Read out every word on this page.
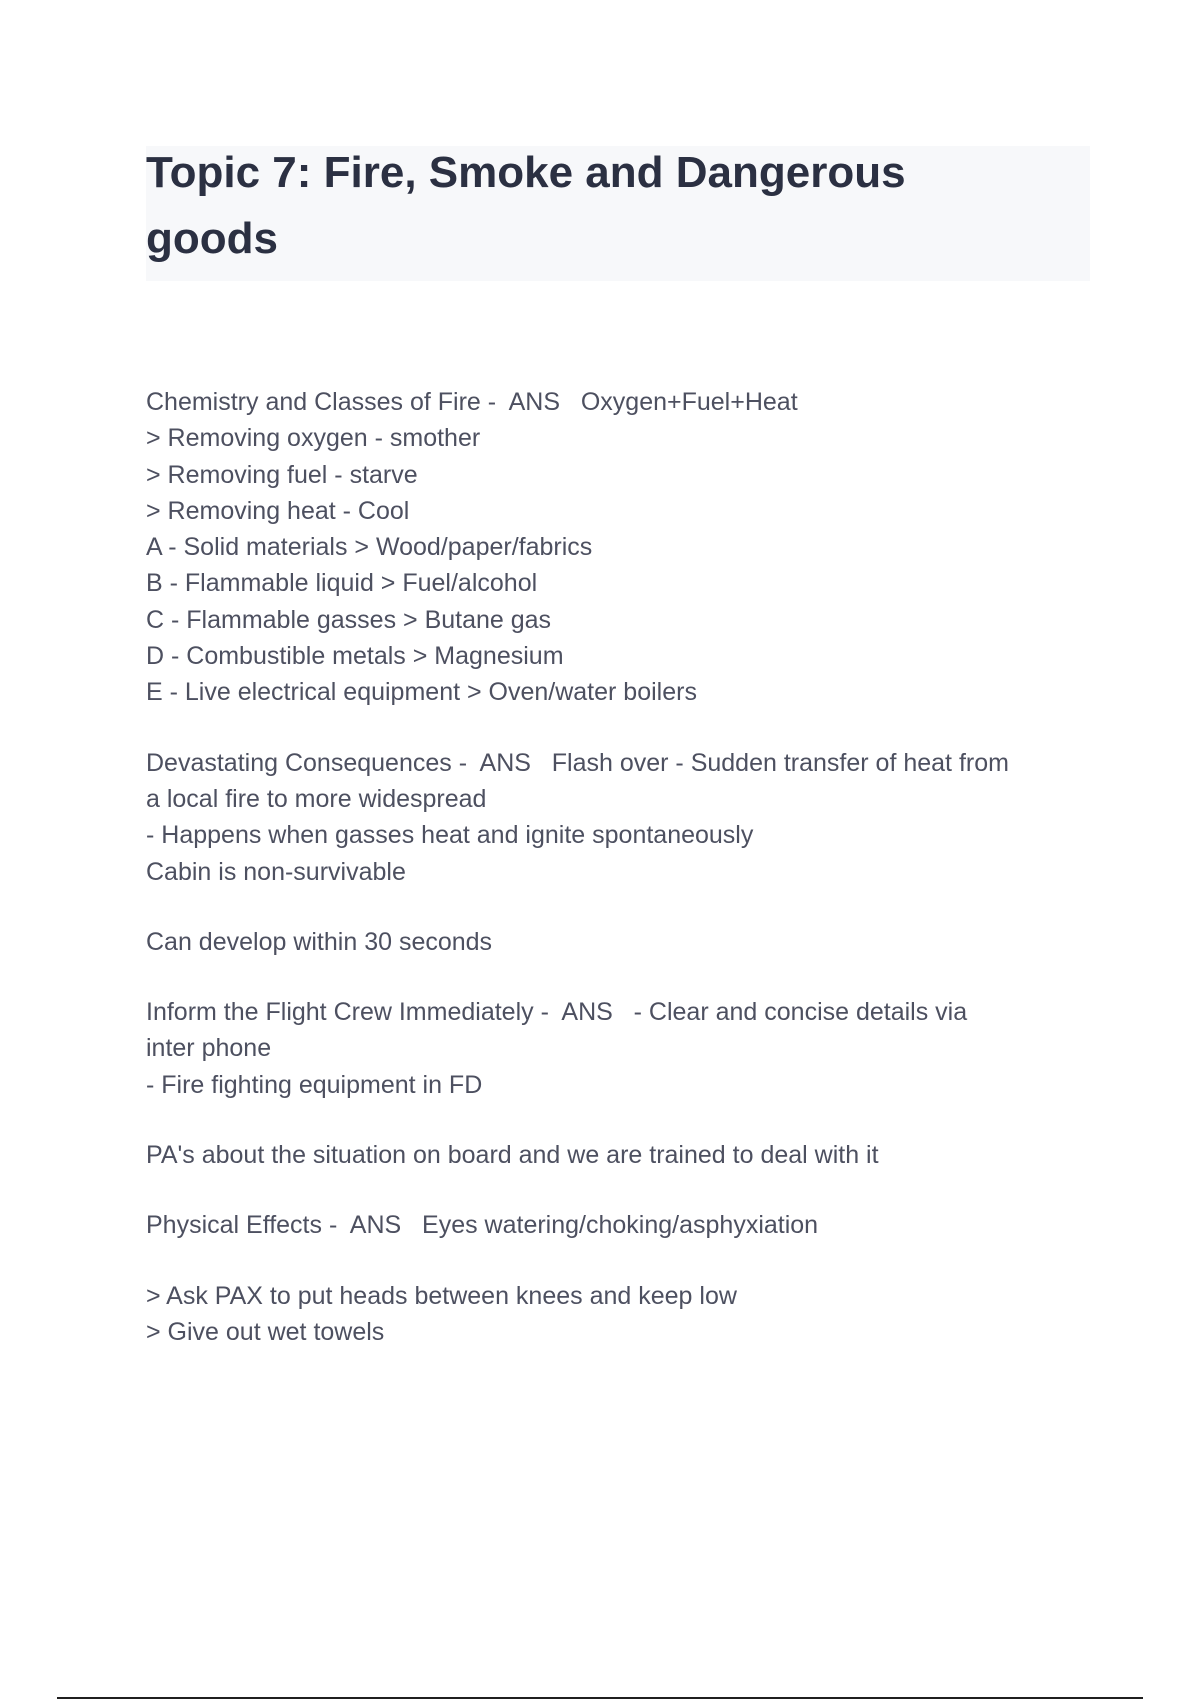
Topic 7: Fire, Smoke and Dangerous goods
Chemistry and Classes of Fire -  ANS   Oxygen+Fuel+Heat
> Removing oxygen - smother
> Removing fuel - starve
> Removing heat - Cool
A - Solid materials > Wood/paper/fabrics
B - Flammable liquid > Fuel/alcohol
C - Flammable gasses > Butane gas
D - Combustible metals > Magnesium
E - Live electrical equipment > Oven/water boilers
Devastating Consequences -  ANS   Flash over - Sudden transfer of heat from
a local fire to more widespread
- Happens when gasses heat and ignite spontaneously
Cabin is non-survivable
Can develop within 30 seconds
Inform the Flight Crew Immediately -  ANS   - Clear and concise details via
inter phone
- Fire fighting equipment in FD
PA's about the situation on board and we are trained to deal with it
Physical Effects -  ANS   Eyes watering/choking/asphyxiation
> Ask PAX to put heads between knees and keep low
> Give out wet towels
